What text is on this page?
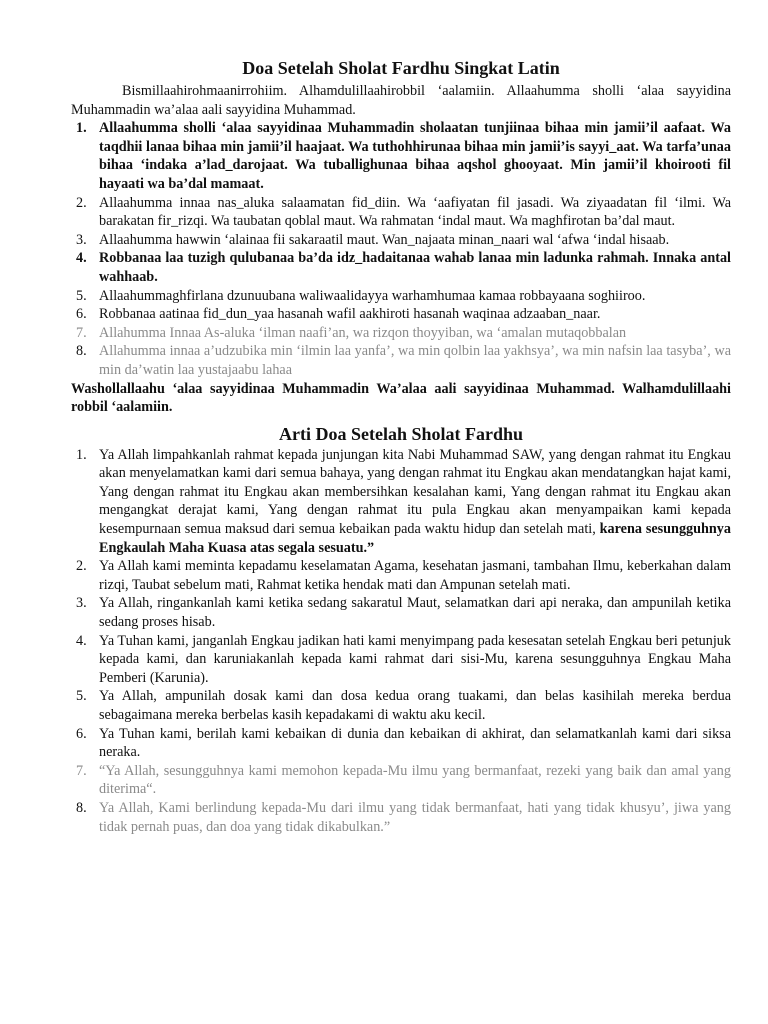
Doa Setelah Sholat Fardhu Singkat Latin

Bismillaahirohmaanirrohiim. Alhamdulillaahirobbil ‘aalamiin. Allaahumma sholli ‘alaa sayyidina Muhammadin wa’alaa aali sayyidina Muhammad.

1. Allaahumma sholli ‘alaa sayyidinaa Muhammadin sholaatan tunjiinaa bihaa min jamii’il aafaat. Wa taqdhii lanaa bihaa min jamii’il haajaat. Wa tuthohhirunaa bihaa min jamii’is sayyi_aat. Wa tarfa’unaa bihaa ‘indaka a’lad_darojaat. Wa tuballighunaa bihaa aqshol ghooyaat. Min jamii’il khoirooti fil hayaati wa ba’dal mamaat.
2. Allaahumma innaa nas_aluka salaamatan fid_diin. Wa ‘aafiyatan fil jasadi. Wa ziyaadatan fil ‘ilmi. Wa barakatan fir_rizqi. Wa taubatan qoblal maut. Wa rahmatan ‘indal maut. Wa maghfirotan ba’dal maut.
3. Allaahumma hawwin ‘alainaa fii sakaraatil maut. Wan_najaata minan_naari wal ‘afwa ‘indal hisaab.
4. Robbanaa laa tuzigh qulubanaa ba’da idz_hadaitanaa wahab lanaa min ladunka rahmah. Innaka antal wahhaab.
5. Allaahummaghfirlana dzunuubana waliwaalidayya warhamhumaa kamaa robbayaana soghiiroo.
6. Robbanaa aatinaa fid_dun_yaa hasanah wafil aakhiroti hasanah waqinaa adzaaban_naar.
7. Allahumma Innaa As-aluka ‘ilman naafi’an, wa rizqon thoyyiban, wa ‘amalan mutaqobbalan
8. Allahumma innaa a’udzubika min ‘ilmin laa yanfa’, wa min qolbin laa yakhsya’, wa min nafsin laa tasyba’, wa min da’watin laa yustajaabu lahaa

Washollallaahu ‘alaa sayyidinaa Muhammadin Wa’alaa aali sayyidinaa Muhammad. Walhamdulillaahi robbil ‘aalamiin.

Arti Doa Setelah Sholat Fardhu
1. Ya Allah limpahkanlah rahmat kepada junjungan kita Nabi Muhammad SAW, yang dengan rahmat itu Engkau akan menyelamatkan kami dari semua bahaya, yang dengan rahmat itu Engkau akan mendatangkan hajat kami, Yang dengan rahmat itu Engkau akan membersihkan kesalahan kami, Yang dengan rahmat itu Engkau akan mengangkat derajat kami, Yang dengan rahmat itu pula Engkau akan menyampaikan kami kepada kesempurnaan semua maksud dari semua kebaikan pada waktu hidup dan setelah mati, karena sesungguhnya Engkaulah Maha Kuasa atas segala sesuatu.”
2. Ya Allah kami meminta kepadamu keselamatan Agama, kesehatan jasmani, tambahan Ilmu, keberkahan dalam rizqi, Taubat sebelum mati, Rahmat ketika hendak mati dan Ampunan setelah mati.
3. Ya Allah, ringankanlah kami ketika sedang sakaratul Maut, selamatkan dari api neraka, dan ampunilah ketika sedang proses hisab.
4. Ya Tuhan kami, janganlah Engkau jadikan hati kami menyimpang pada kesesatan setelah Engkau beri petunjuk kepada kami, dan karuniakanlah kepada kami rahmat dari sisi-Mu, karena sesungguhnya Engkau Maha Pemberi (Karunia).
5. Ya Allah, ampunilah dosak kami dan dosa kedua orang tuakami, dan belas kasihilah mereka berdua sebagaimana mereka berbelas kasih kepadakami di waktu aku kecil.
6. Ya Tuhan kami, berilah kami kebaikan di dunia dan kebaikan di akhirat, dan selamatkanlah kami dari siksa neraka.
7. “Ya Allah, sesungguhnya kami memohon kepada-Mu ilmu yang bermanfaat, rezeki yang baik dan amal yang diterima“.
8. Ya Allah, Kami berlindung kepada-Mu dari ilmu yang tidak bermanfaat, hati yang tidak khusyu’, jiwa yang tidak pernah puas, dan doa yang tidak dikabulkan.”
